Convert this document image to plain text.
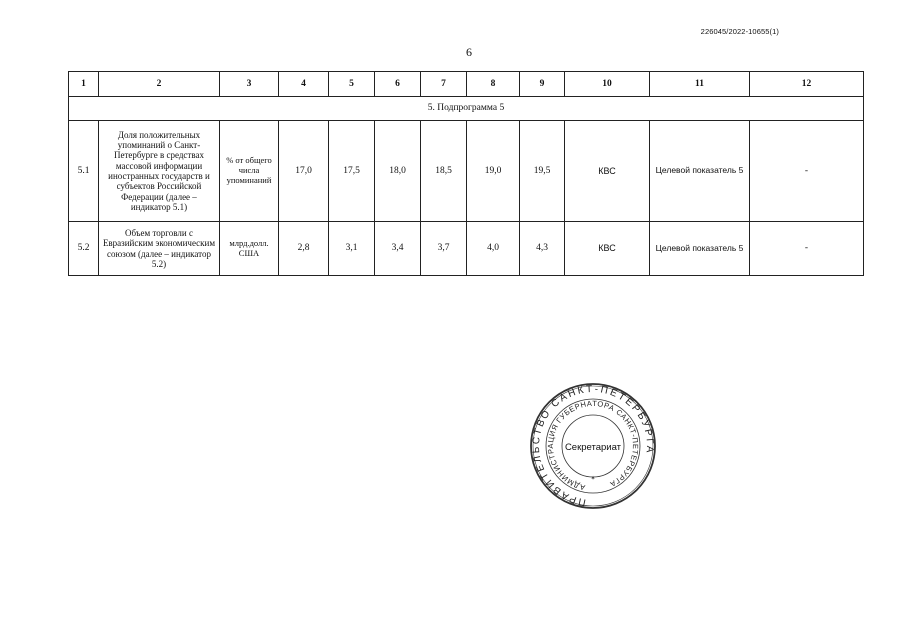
226045/2022-10655(1)
6
1	2	3	4	5	6	7	8	9	10	11	12
5. Подпрограмма 5											
5.1	Доля положительных упоминаний о Санкт-Петербурге в средствах массовой информации иностранных государств и субъектов Российской Федерации (далее – индикатор 5.1)	% от общего числа упоминаний	17,0	17,5	18,0	18,5	19,0	19,5	КВС	Целевой показатель 5	-
5.2	Объем торговли с Евразийским экономическим союзом (далее – индикатор 5.2)	млрд.долл. США	2,8	3,1	3,4	3,7	4,0	4,3	КВС	Целевой показатель 5	-
ПРАВИТЕЛЬСТВО САНКТ-ПЕТЕРБУРГА
АДМИНИСТРАЦИЯ ГУБЕРНАТОРА САНКТ-ПЕТЕРБУРГА
Секретариат
✶
